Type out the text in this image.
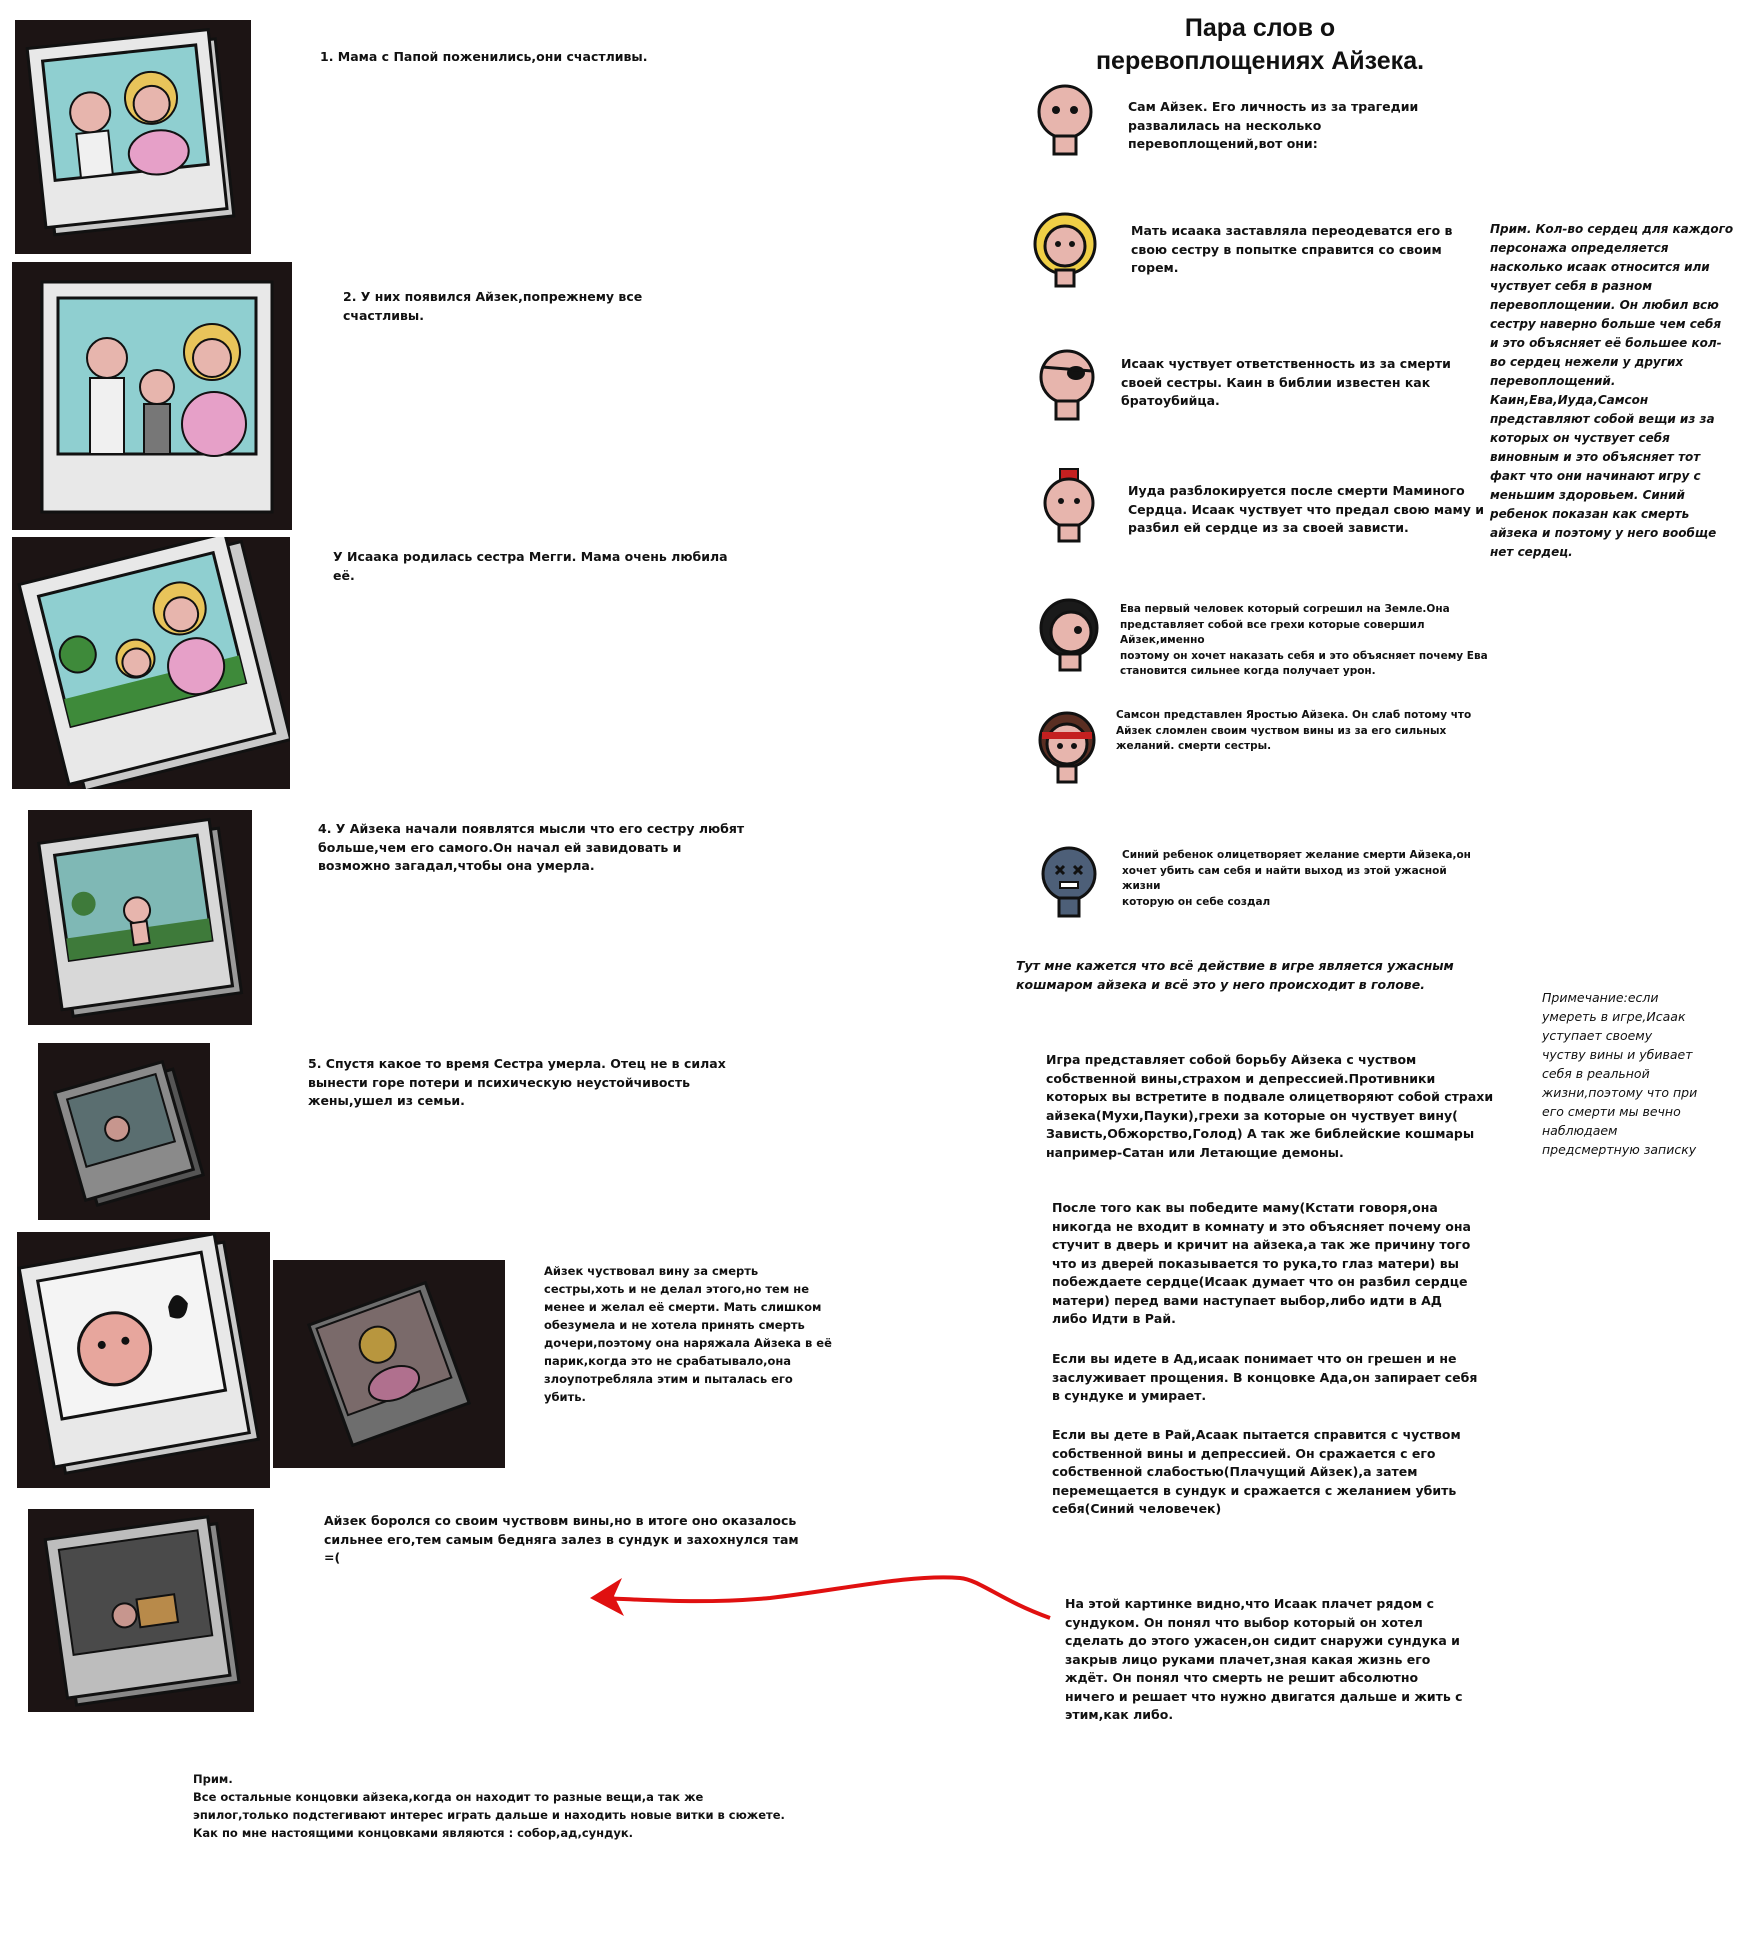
1. Мама с Папой поженились,они счастливы.
2. У них появился Айзек,попрежнему все
счастливы.
У Исаака родилась сестра Мегги. Мама очень любила её.
4. У Айзека начали появлятся мысли что его сестру любят
больше,чем его самого.Он начал ей завидовать и
возможно загадал,чтобы она умерла.
5. Спустя какое то время Сестра умерла. Отец не в силах
вынести горе потери и психическую неустойчивость
жены,ушел из семьи.
Айзек чуствовал вину за смерть
сестры,хоть и не делал этого,но тем не
менее и желал её смерти. Мать слишком
обезумела и не хотела принять смерть
дочери,поэтому она наряжала Айзека в её
парик,когда это не срабатывало,она
злоупотребляла этим и пыталась его
убить.
Айзек боролся со своим чуствовм вины,но в итоге оно оказалось
сильнее его,тем самым бедняга залез в сундук и захохнулся там
=(
Прим.
Все остальные концовки айзека,когда он находит то разные вещи,а так же
эпилог,только подстегивают интерес играть дальше и находить новые витки в сюжете.
Как по мне настоящими концовками являются : собор,ад,сундук.
Пара слов о
перевоплощениях Айзека.
Сам Айзек. Его личность из за трагедии
развалилась на несколько
перевоплощений,вот они:
Мать исаака заставляла переодеватся его в
свою сестру в попытке справится со своим
горем.
Исаак чуствует ответственность из за смерти
своей сестры. Каин в библии известен как
братоубийца.
Иуда разблокируется после смерти Маминого
Сердца. Исаак чуствует что предал свою маму и
разбил ей сердце из за своей зависти.
Ева первый человек который согрешил на Земле.Она
представляет собой все грехи которые совершил Айзек,именно
поэтому он хочет наказать себя и это объясняет почему Ева
становится сильнее когда получает урон.
Самсон представлен Яростью Айзека. Он слаб потому что
Айзек сломлен своим чуством вины из за его сильных
желаний. смерти сестры.
Синий ребенок олицетворяет желание смерти Айзека,он
хочет убить сам себя и найти выход из этой ужасной жизни
которую он себе создал
Прим. Кол-во сердец для каждого
персонажа определяется
насколько исаак относится или
чуствует себя в разном
перевоплощении. Он любил всю
сестру наверно больше чем себя
и это объясняет её большее кол-
во сердец нежели у других
перевоплощений.
Каин,Ева,Иуда,Самсон
представляют собой вещи из за
которых он чуствует себя
виновным и это объясняет тот
факт что они начинают игру с
меньшим здоровьем. Синий
ребенок показан как смерть
айзека и поэтому у него вообще
нет сердец.
Тут мне кажется что всё действие в игре является ужасным
кошмаром айзека и всё это у него происходит в голове.
Примечание:если
умереть в игре,Исаак
уступает своему
чуству вины и убивает
себя в реальной
жизни,поэтому что при
его смерти мы вечно
наблюдаем
предсмертную записку
Игра представляет собой борьбу Айзека с чуством
собственной вины,страхом и депрессией.Противники
которых вы встретите в подвале олицетворяют собой страхи
айзека(Мухи,Пауки),грехи за которые он чуствует вину(
Зависть,Обжорство,Голод) А так же библейские кошмары
например-Сатан или Летающие демоны.
После того как вы победите маму(Кстати говоря,она
никогда не входит в комнату и это объясняет почему она
стучит в дверь и кричит на айзека,а так же причину того
что из дверей показывается то рука,то глаз матери) вы
побеждаете сердце(Исаак думает что он разбил сердце
матери) перед вами наступает выбор,либо идти в АД
либо Идти в Рай.
Если вы идете в Ад,исаак понимает что он грешен и не
заслуживает прощения. В концовке Ада,он запирает себя
в сундуке и умирает.
Если вы дете в Рай,Асаак пытается справится с чуством
собственной вины и депрессией. Он сражается с его
собственной слабостью(Плачущий Айзек),а затем
перемещается в сундук и сражается с желанием убить
себя(Синий человечек)
На этой картинке видно,что Исаак плачет рядом с
сундуком. Он понял что выбор который он хотел
сделать до этого ужасен,он сидит снаружи сундука и
закрыв лицо руками плачет,зная какая жизнь его
ждёт. Он понял что смерть не решит абсолютно
ничего и решает что нужно двигатся дальше и жить с
этим,как либо.
